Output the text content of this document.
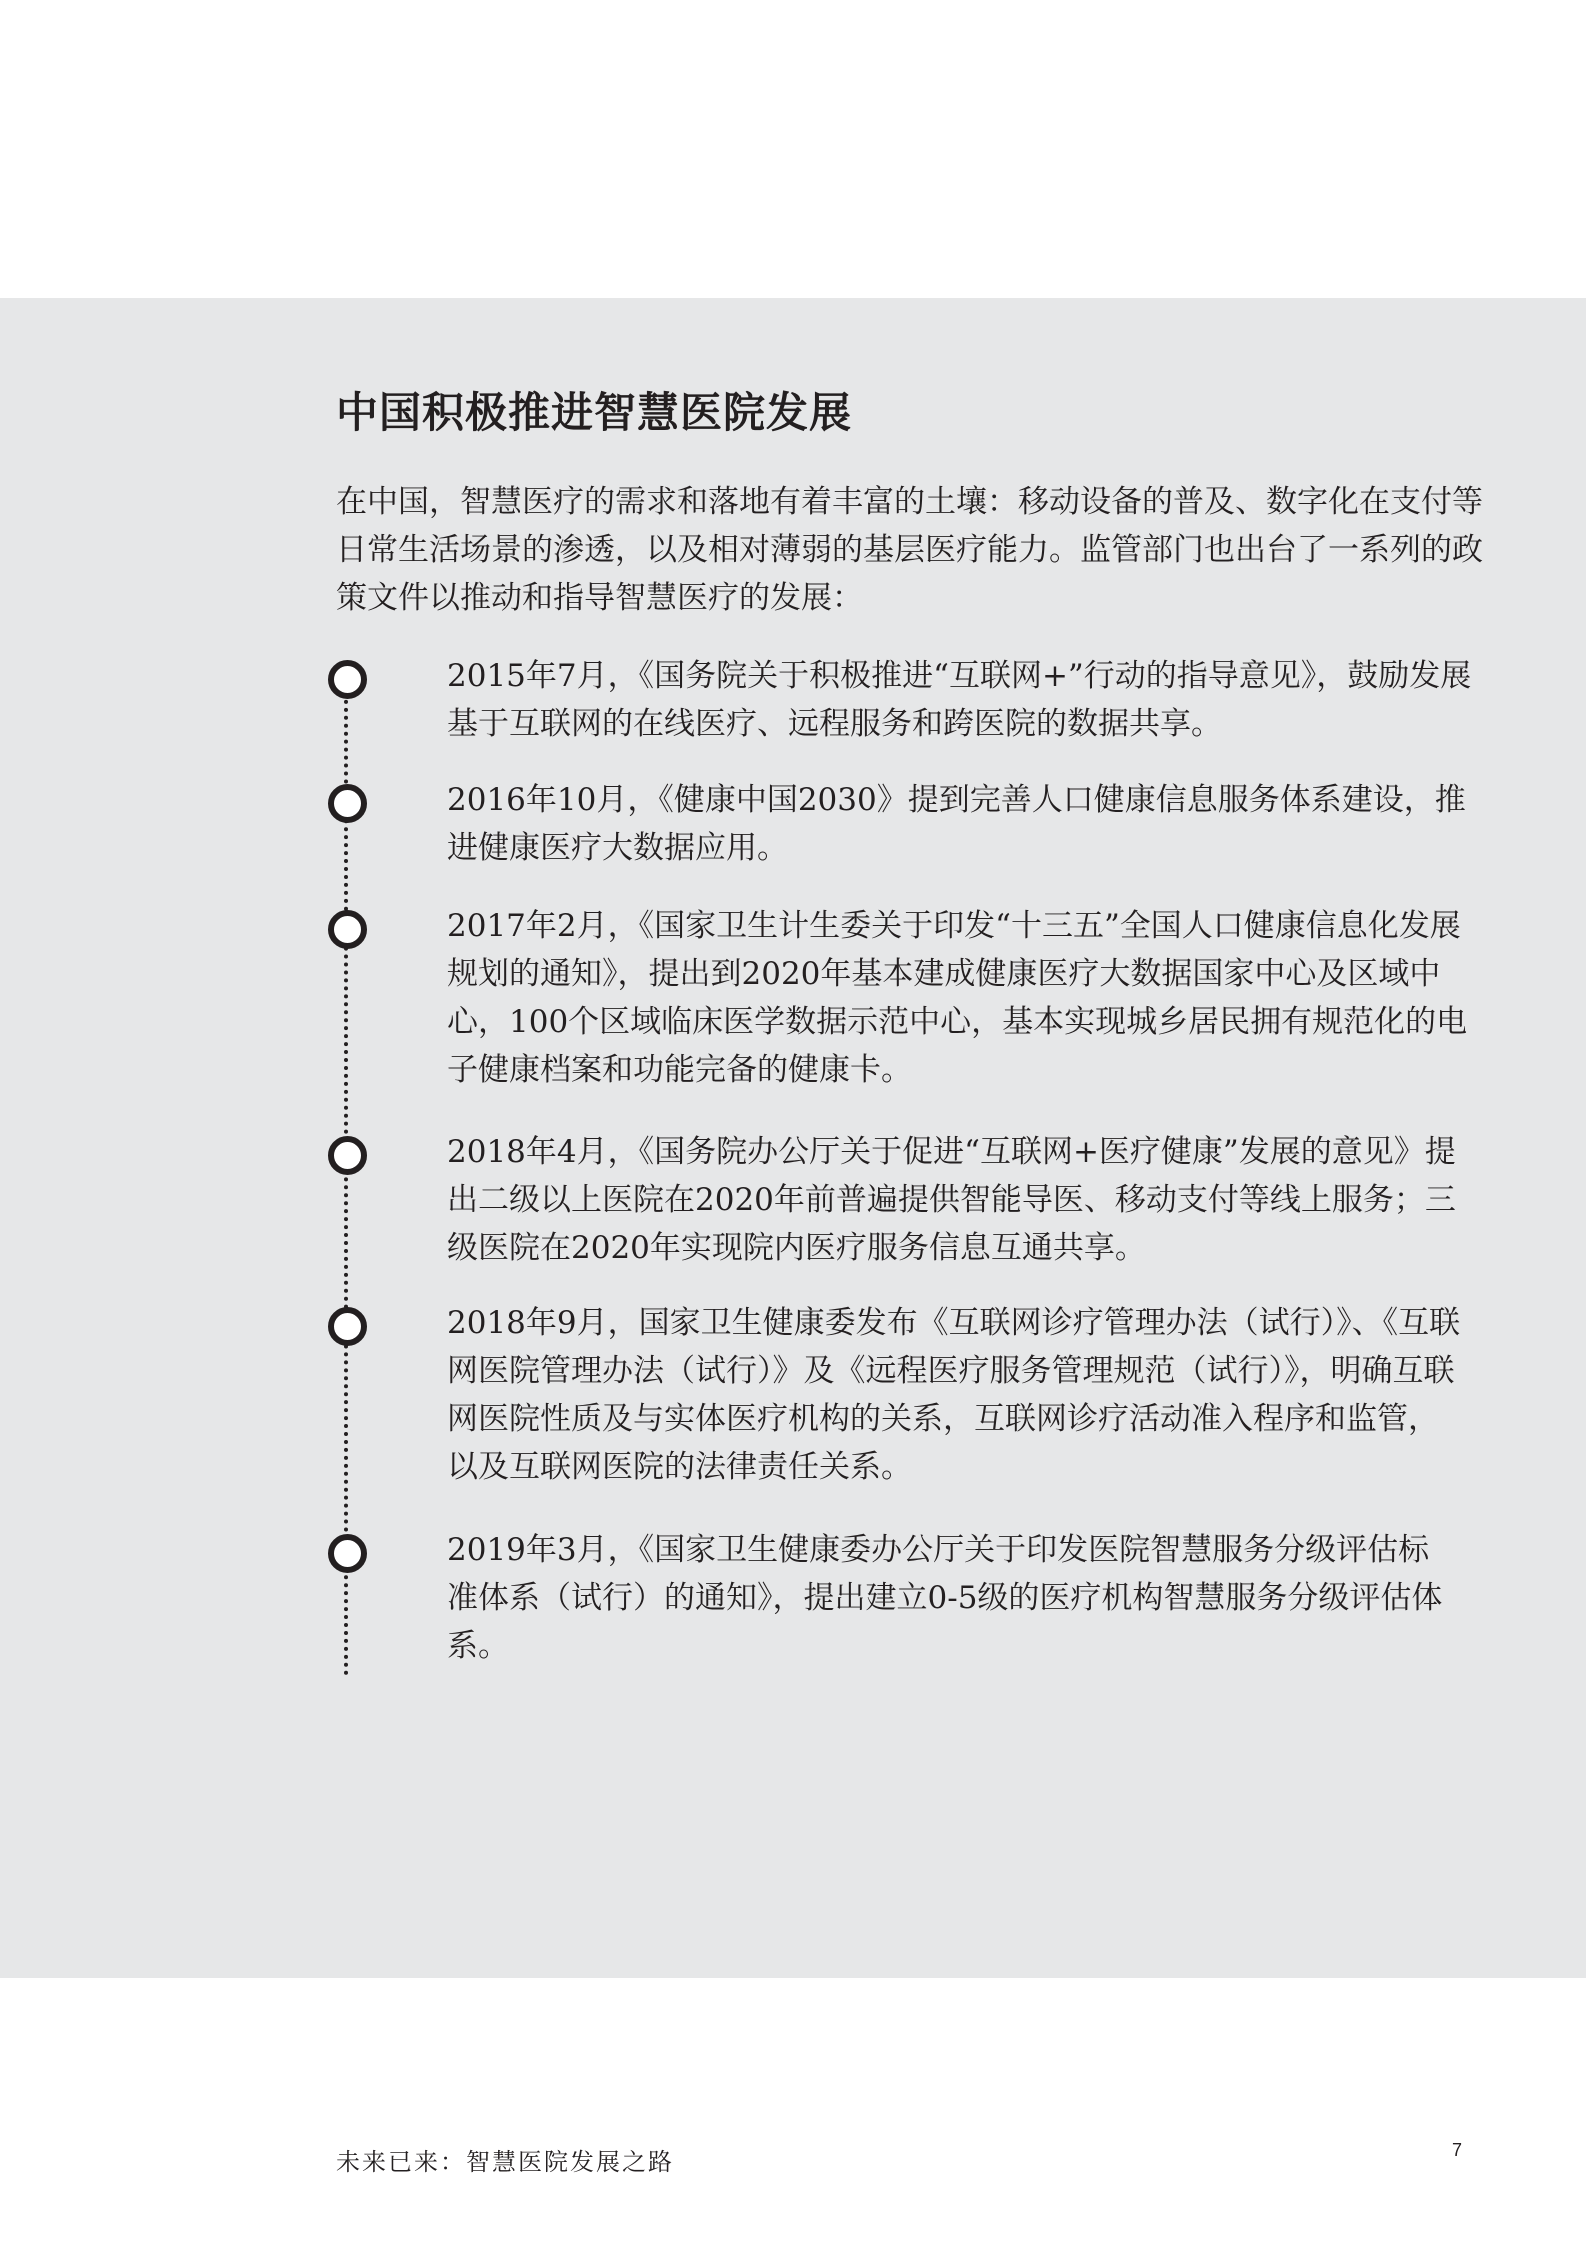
中国积极推进智慧医院发展
在中国，智慧医疗的需求和落地有着丰富的土壤：移动设备的普及、数字化在支付等
日常生活场景的渗透，以及相对薄弱的基层医疗能力。监管部门也出台了一系列的政
策文件以推动和指导智慧医疗的发展：
2015年7月，《国务院关于积极推进“互联网+”行动的指导意见》，鼓励发展
基于互联网的在线医疗、远程服务和跨医院的数据共享。
2016年10月，《健康中国2030》提到完善人口健康信息服务体系建设，推
进健康医疗大数据应用。
2017年2月，《国家卫生计生委关于印发“十三五”全国人口健康信息化发展
规划的通知》，提出到2020年基本建成健康医疗大数据国家中心及区域中
心，100个区域临床医学数据示范中心，基本实现城乡居民拥有规范化的电
子健康档案和功能完备的健康卡。
2018年4月，《国务院办公厅关于促进“互联网+医疗健康”发展的意见》提
出二级以上医院在2020年前普遍提供智能导医、移动支付等线上服务；三
级医院在2020年实现院内医疗服务信息互通共享。
2018年9月，国家卫生健康委发布《互联网诊疗管理办法（试行）》、《互联
网医院管理办法（试行）》及《远程医疗服务管理规范（试行）》，明确互联
网医院性质及与实体医疗机构的关系，互联网诊疗活动准入程序和监管，
以及互联网医院的法律责任关系。
2019年3月，《国家卫生健康委办公厅关于印发医院智慧服务分级评估标
准体系（试行）的通知》，提出建立0-5级的医疗机构智慧服务分级评估体
系。
未来已来：智慧医院发展之路	7
